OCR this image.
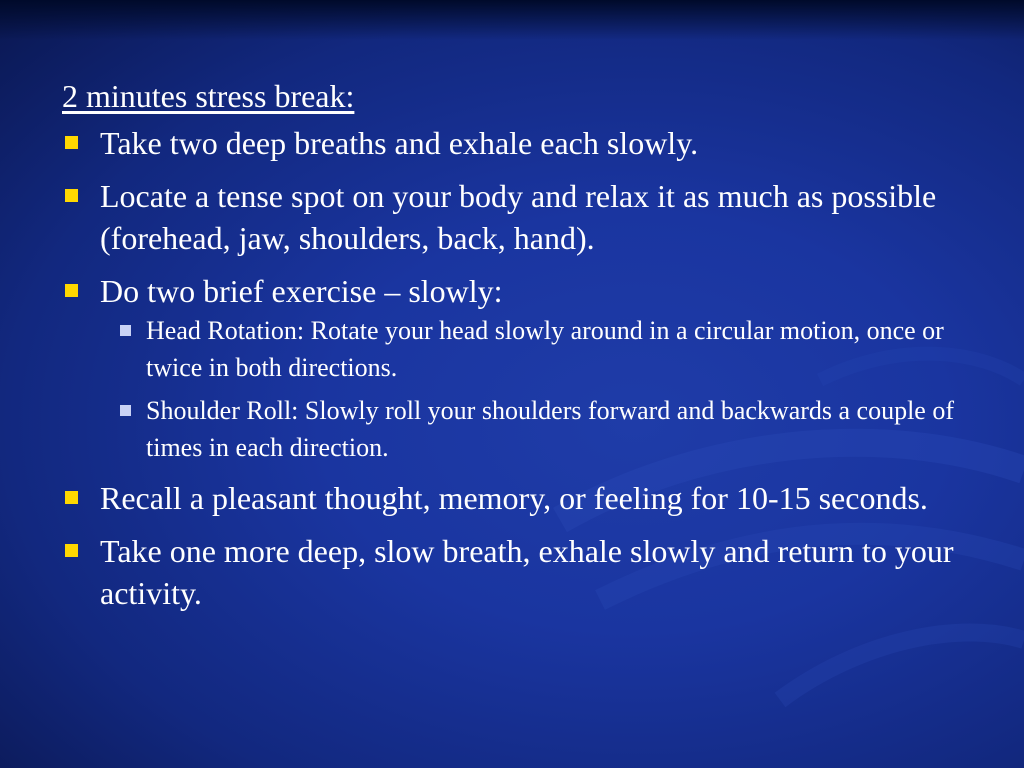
2 minutes stress break:
Take two deep breaths and exhale each slowly.
Locate a tense spot on your body and relax it as much as possible (forehead, jaw, shoulders, back, hand).
Do two brief exercise – slowly:
Head Rotation: Rotate your head slowly around in a circular motion, once or twice in both directions.
Shoulder Roll: Slowly roll your shoulders forward and backwards a couple of times in each direction.
Recall a pleasant thought, memory, or feeling for 10-15 seconds.
Take one more deep, slow breath, exhale slowly and return to your activity.
